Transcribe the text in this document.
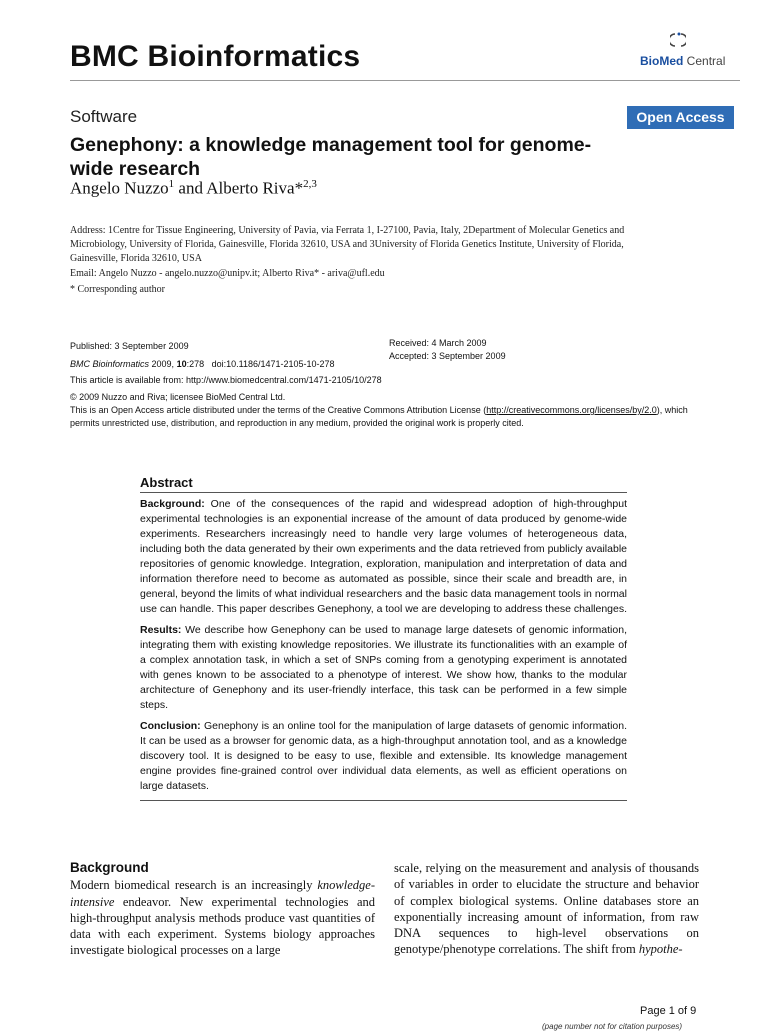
BMC Bioinformatics	BioMed Central
Software	Open Access
Genephony: a knowledge management tool for genome-wide research
Angelo Nuzzo$^1$ and Alberto Riva*$^{2,3}$
Address: 1Centre for Tissue Engineering, University of Pavia, via Ferrata 1, I-27100, Pavia, Italy, 2Department of Molecular Genetics and Microbiology, University of Florida, Gainesville, Florida 32610, USA and 3University of Florida Genetics Institute, University of Florida, Gainesville, Florida 32610, USA
Email: Angelo Nuzzo - angelo.nuzzo@unipv.it; Alberto Riva* - ariva@ufl.edu
* Corresponding author
Published: 3 September 2009
BMC Bioinformatics 2009, 10:278 doi:10.1186/1471-2105-10-278
Received: 4 March 2009
Accepted: 3 September 2009
This article is available from: http://www.biomedcentral.com/1471-2105/10/278
© 2009 Nuzzo and Riva; licensee BioMed Central Ltd.
This is an Open Access article distributed under the terms of the Creative Commons Attribution License (http://creativecommons.org/licenses/by/2.0), which permits unrestricted use, distribution, and reproduction in any medium, provided the original work is properly cited.
Abstract

Background: One of the consequences of the rapid and widespread adoption of high-throughput experimental technologies is an exponential increase of the amount of data produced by genome-wide experiments. Researchers increasingly need to handle very large volumes of heterogeneous data, including both the data generated by their own experiments and the data retrieved from publicly available repositories of genomic knowledge. Integration, exploration, manipulation and interpretation of data and information therefore need to become as automated as possible, since their scale and breadth are, in general, beyond the limits of what individual researchers and the basic data management tools in normal use can handle. This paper describes Genephony, a tool we are developing to address these challenges.

Results: We describe how Genephony can be used to manage large datesets of genomic information, integrating them with existing knowledge repositories. We illustrate its functionalities with an example of a complex annotation task, in which a set of SNPs coming from a genotyping experiment is annotated with genes known to be associated to a phenotype of interest. We show how, thanks to the modular architecture of Genephony and its user-friendly interface, this task can be performed in a few simple steps.

Conclusion: Genephony is an online tool for the manipulation of large datasets of genomic information. It can be used as a browser for genomic data, as a high-throughput annotation tool, and as a knowledge discovery tool. It is designed to be easy to use, flexible and extensible. Its knowledge management engine provides fine-grained control over individual data elements, as well as efficient operations on large datasets.

Background
Modern biomedical research is an increasingly knowledge-intensive endeavor. New experimental technologies and high-throughput analysis methods produce vast quantities of data with each experiment. Systems biology approaches investigate biological processes on a large
scale, relying on the measurement and analysis of thousands of variables in order to elucidate the structure and behavior of complex biological systems. Online databases store an exponentially increasing amount of information, from raw DNA sequences to high-level observations on genotype/phenotype correlations. The shift from hypothe-
Page 1 of 9
(page number not for citation purposes)
